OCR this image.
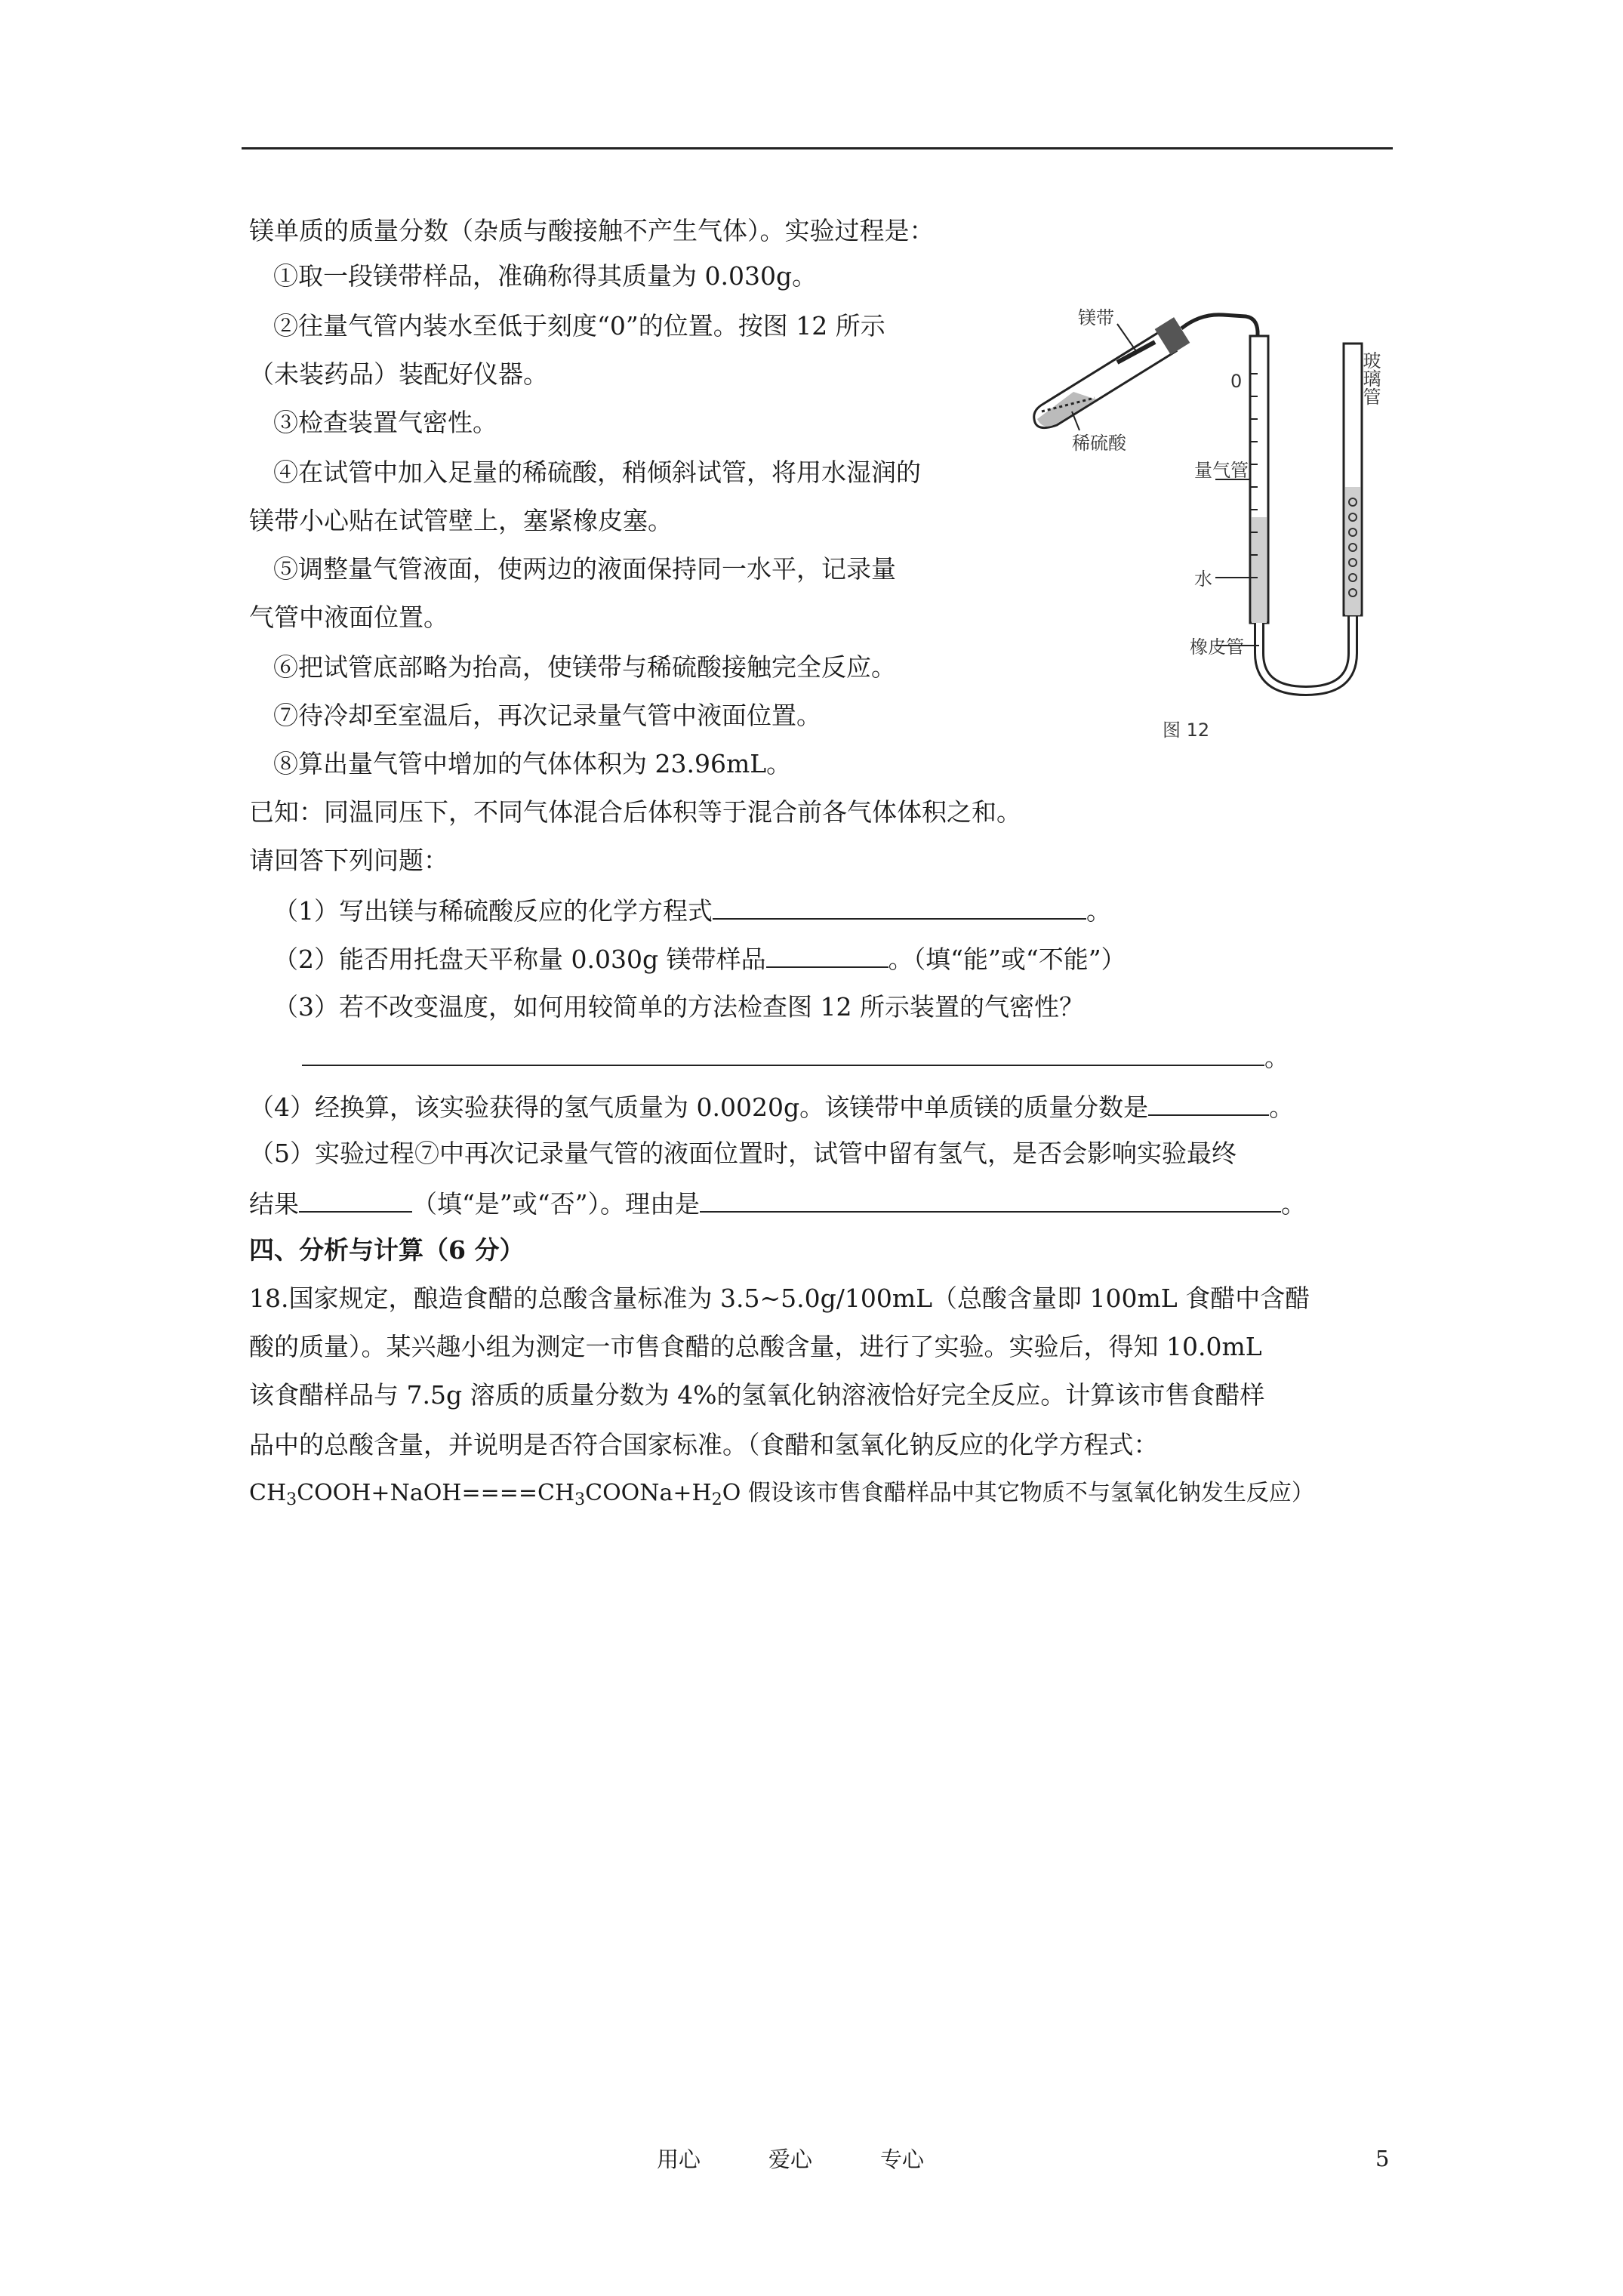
镁单质的质量分数（杂质与酸接触不产生气体）。实验过程是：
①取一段镁带样品，准确称得其质量为 0.030g。
②往量气管内装水至低于刻度“0”的位置。按图 12 所示
（未装药品）装配好仪器。
③检查装置气密性。
④在试管中加入足量的稀硫酸，稍倾斜试管，将用水湿润的
镁带小心贴在试管壁上，塞紧橡皮塞。
⑤调整量气管液面，使两边的液面保持同一水平，记录量
气管中液面位置。
⑥把试管底部略为抬高，使镁带与稀硫酸接触完全反应。
⑦待冷却至室温后，再次记录量气管中液面位置。
⑧算出量气管中增加的气体体积为 23.96mL。
已知：同温同压下，不同气体混合后体积等于混合前各气体体积之和。
请回答下列问题：
（1）写出镁与稀硫酸反应的化学方程式	。
（2）能否用托盘天平称量 0.030g 镁带样品	。（填“能”或“不能”）
（3）若不改变温度，如何用较简单的方法检查图 12 所示装置的气密性？
。
（4）经换算，该实验获得的氢气质量为 0.0020g。该镁带中单质镁的质量分数是	。
（5）实验过程⑦中再次记录量气管的液面位置时，试管中留有氢气，是否会影响实验最终
结果	（填“是”或“否”）。理由是	。
四、分析与计算（6 分）
18.国家规定，酿造食醋的总酸含量标准为 3.5~5.0g/100mL（总酸含量即 100mL 食醋中含醋
酸的质量）。某兴趣小组为测定一市售食醋的总酸含量，进行了实验。实验后，得知 10.0mL
该食醋样品与 7.5g 溶质的质量分数为 4%的氢氧化钠溶液恰好完全反应。计算该市售食醋样
品中的总酸含量，并说明是否符合国家标准。（食醋和氢氧化钠反应的化学方程式：
$CH_3COOH+NaOH====CH_3COONa+H_2O$ 假设该市售食醋样品中其它物质不与氢氧化钠发生反应）
镁带
稀硫酸
0
量气管
水
橡皮管
玻璃管
图 12
用心	爱心	专心	5
